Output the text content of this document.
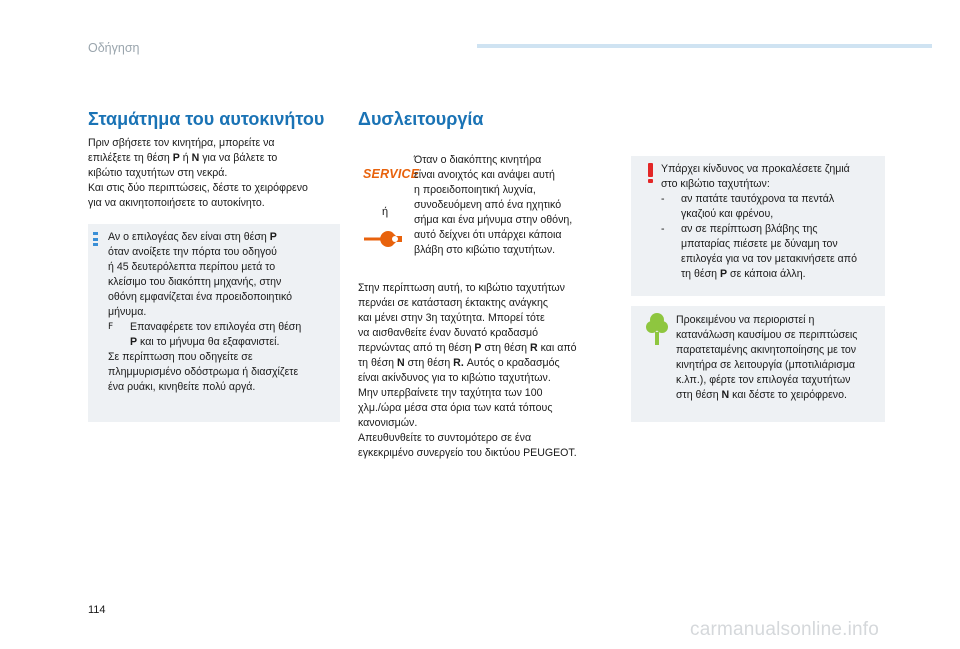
Οδήγηση
Σταμάτημα του αυτοκινήτου
Πριν σβήσετε τον κινητήρα, μπορείτε να
επιλέξετε τη θέση P ή N για να βάλετε το
κιβώτιο ταχυτήτων στη νεκρά.
Και στις δύο περιπτώσεις, δέστε το χειρόφρενο
για να ακινητοποιήσετε το αυτοκίνητο.
Αν ο επιλογέας δεν είναι στη θέση P
όταν ανοίξετε την πόρτα του οδηγού
ή 45 δευτερόλεπτα περίπου μετά το
κλείσιμο του διακόπτη μηχανής, στην
οθόνη εμφανίζεται ένα προειδοποιητικό
μήνυμα.
F Επαναφέρετε τον επιλογέα στη θέση
P και το μήνυμα θα εξαφανιστεί.
Σε περίπτωση που οδηγείτε σε
πλημμυρισμένο οδόστρωμα ή διασχίζετε
ένα ρυάκι, κινηθείτε πολύ αργά.
Δυσλειτουργία
SERVICE
ή
Όταν ο διακόπτης κινητήρα
είναι ανοιχτός και ανάψει αυτή
η προειδοποιητική λυχνία,
συνοδευόμενη από ένα ηχητικό
σήμα και ένα μήνυμα στην οθόνη,
αυτό δείχνει ότι υπάρχει κάποια
βλάβη στο κιβώτιο ταχυτήτων.
Στην περίπτωση αυτή, το κιβώτιο ταχυτήτων
περνάει σε κατάσταση έκτακτης ανάγκης
και μένει στην 3η ταχύτητα. Μπορεί τότε
να αισθανθείτε έναν δυνατό κραδασμό
περνώντας από τη θέση P στη θέση R και από
τη θέση N στη θέση R. Αυτός ο κραδασμός
είναι ακίνδυνος για το κιβώτιο ταχυτήτων.
Μην υπερβαίνετε την ταχύτητα των 100
χλμ./ώρα μέσα στα όρια των κατά τόπους
κανονισμών.
Απευθυνθείτε το συντομότερο σε ένα
εγκεκριμένο συνεργείο του δικτύου PEUGEOT.
Υπάρχει κίνδυνος να προκαλέσετε ζημιά
στο κιβώτιο ταχυτήτων:
- αν πατάτε ταυτόχρονα τα πεντάλ
γκαζιού και φρένου,
- αν σε περίπτωση βλάβης της
μπαταρίας πιέσετε με δύναμη τον
επιλογέα για να τον μετακινήσετε από
τη θέση P σε κάποια άλλη.
Προκειμένου να περιοριστεί η
κατανάλωση καυσίμου σε περιπτώσεις
παρατεταμένης ακινητοποίησης με τον
κινητήρα σε λειτουργία (μποτιλιάρισμα
κ.λπ.), φέρτε τον επιλογέα ταχυτήτων
στη θέση N και δέστε το χειρόφρενο.
114
carmanualsonline.info
